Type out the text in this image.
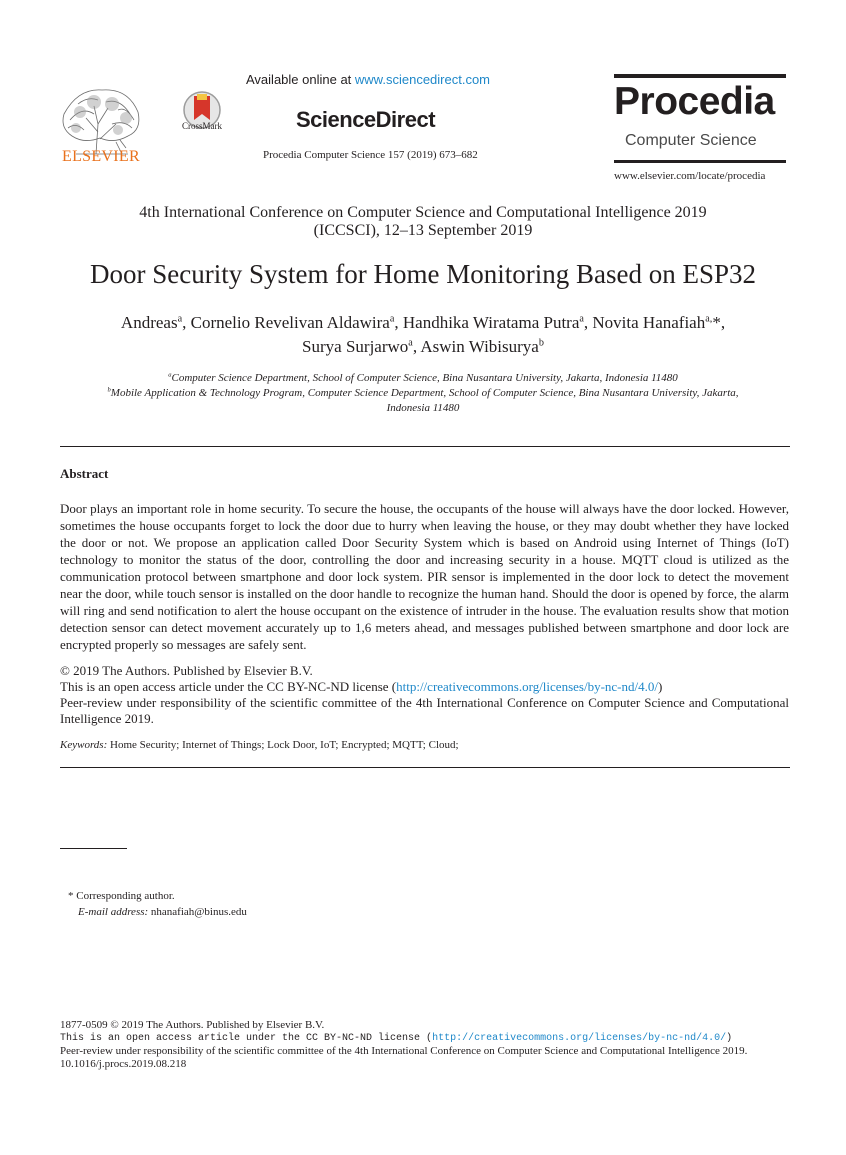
ELSEVIER
CrossMark
Available online at www.sciencedirect.com
ScienceDirect
Procedia Computer Science 157 (2019) 673–682
Procedia
Computer Science
www.elsevier.com/locate/procedia
4th International Conference on Computer Science and Computational Intelligence 2019
(ICCSCI), 12–13 September 2019
Door Security System for Home Monitoring Based on ESP32
Andreas$^a$, Cornelio Revelivan Aldawira$^a$, Handhika Wiratama Putra$^a$, Novita Hanafiah$^{a,}$*,
Surya Surjarwo$^a$, Aswin Wibisurya$^b$
$^a$Computer Science Department, School of Computer Science, Bina Nusantara University, Jakarta, Indonesia 11480
$^b$Mobile Application & Technology Program, Computer Science Department, School of Computer Science, Bina Nusantara University, Jakarta,
Indonesia 11480
Abstract
Door plays an important role in home security. To secure the house, the occupants of the house will always have the door locked. However, sometimes the house occupants forget to lock the door due to hurry when leaving the house, or they may doubt whether they have locked the door or not. We propose an application called Door Security System which is based on Android using Internet of Things (IoT) technology to monitor the status of the door, controlling the door and increasing security in a house. MQTT cloud is utilized as the communication protocol between smartphone and door lock system. PIR sensor is implemented in the door lock to detect the movement near the door, while touch sensor is installed on the door handle to recognize the human hand. Should the door is opened by force, the alarm will ring and send notification to alert the house occupant on the existence of intruder in the house. The evaluation results show that motion detection sensor can detect movement accurately up to 1,6 meters ahead, and messages published between smartphone and door lock are encrypted properly so messages are safely sent.
© 2019 The Authors. Published by Elsevier B.V.
This is an open access article under the CC BY-NC-ND license (http://creativecommons.org/licenses/by-nc-nd/4.0/)
Peer-review under responsibility of the scientific committee of the 4th International Conference on Computer Science and Computational Intelligence 2019.
Keywords: Home Security; Internet of Things; Lock Door, IoT; Encrypted; MQTT; Cloud;
* Corresponding author.
E-mail address: nhanafiah@binus.edu
1877-0509 © 2019 The Authors. Published by Elsevier B.V.
This is an open access article under the CC BY-NC-ND license (http://creativecommons.org/licenses/by-nc-nd/4.0/)
Peer-review under responsibility of the scientific committee of the 4th International Conference on Computer Science and Computational Intelligence 2019.
10.1016/j.procs.2019.08.218
